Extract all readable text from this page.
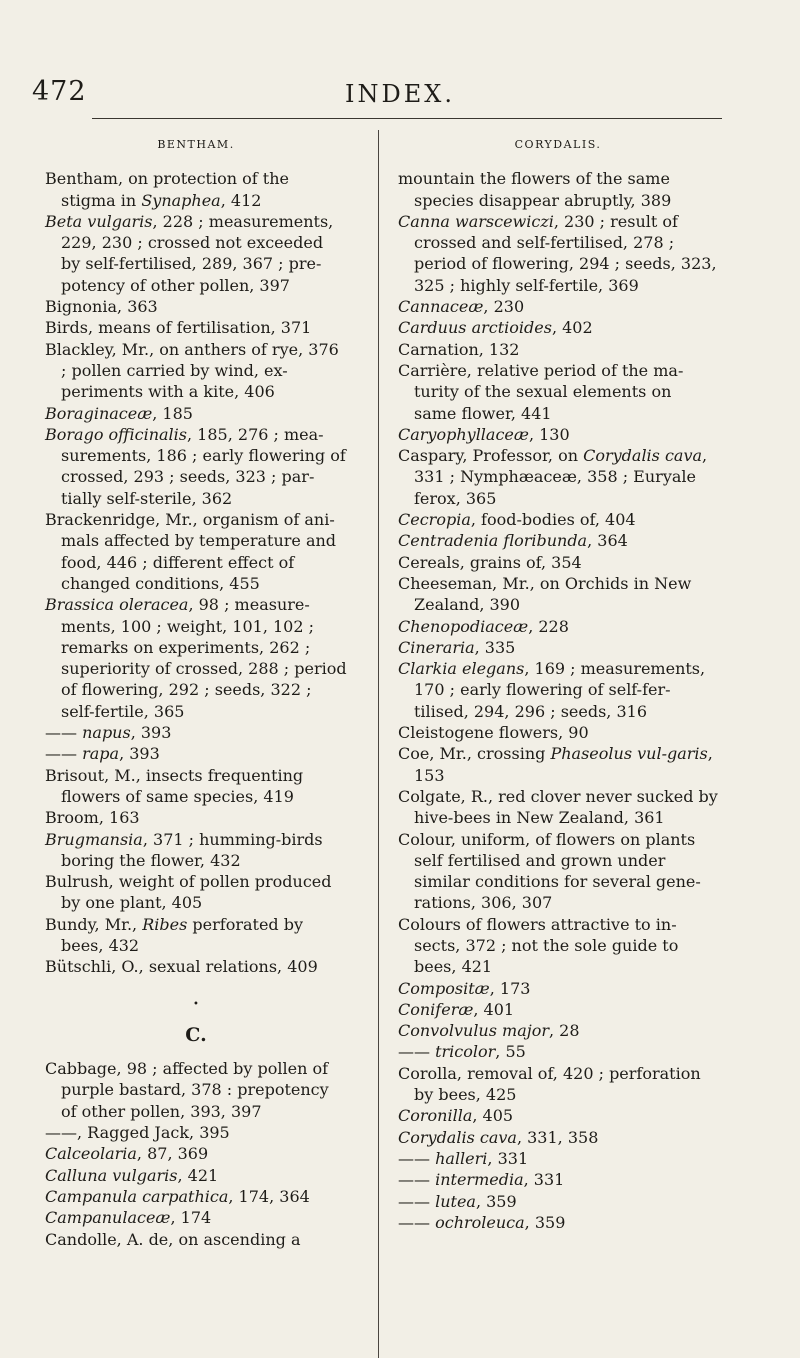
472	INDEX.
BENTHAM.

Bentham, on protection of the stigma in Synaphea, 412

Beta vulgaris, 228 ; measurements, 229, 230 ; crossed not exceeded by self-fertilised, 289, 367 ; pre-potency of other pollen, 397

Bignonia, 363

Birds, means of fertilisation, 371

Blackley, Mr., on anthers of rye, 376 ; pollen carried by wind, ex-periments with a kite, 406

Boraginaceæ, 185

Borago officinalis, 185, 276 ; mea-surements, 186 ; early flowering of crossed, 293 ; seeds, 323 ; par-tially self-sterile, 362

Brackenridge, Mr., organism of ani-mals affected by temperature and food, 446 ; different effect of changed conditions, 455

Brassica oleracea, 98 ; measure-ments, 100 ; weight, 101, 102 ; remarks on experiments, 262 ; superiority of crossed, 288 ; period of flowering, 292 ; seeds, 322 ; self-fertile, 365

—— napus, 393

—— rapa, 393

Brisout, M., insects frequenting flowers of same species, 419

Broom, 163

Brugmansia, 371 ; humming-birds boring the flower, 432

Bulrush, weight of pollen produced by one plant, 405

Bundy, Mr., Ribes perforated by bees, 432

Bütschli, O., sexual relations, 409

•
C.

Cabbage, 98 ; affected by pollen of purple bastard, 378 : prepotency of other pollen, 393, 397

——, Ragged Jack, 395

Calceolaria, 87, 369

Calluna vulgaris, 421

Campanula carpathica, 174, 364

Campanulaceæ, 174

Candolle, A. de, on ascending a

CORYDALIS.

mountain the flowers of the same species disappear abruptly, 389

Canna warscewiczi, 230 ; result of crossed and self-fertilised, 278 ; period of flowering, 294 ; seeds, 323, 325 ; highly self-fertile, 369

Cannaceæ, 230

Carduus arctioides, 402

Carnation, 132

Carrière, relative period of the ma-turity of the sexual elements on same flower, 441

Caryophyllaceæ, 130

Caspary, Professor, on Corydalis cava, 331 ; Nymphæaceæ, 358 ; Euryale ferox, 365

Cecropia, food-bodies of, 404

Centradenia floribunda, 364

Cereals, grains of, 354

Cheeseman, Mr., on Orchids in New Zealand, 390

Chenopodiaceæ, 228

Cineraria, 335

Clarkia elegans, 169 ; measurements, 170 ; early flowering of self-fer-tilised, 294, 296 ; seeds, 316

Cleistogene flowers, 90

Coe, Mr., crossing Phaseolus vul-garis, 153

Colgate, R., red clover never sucked by hive-bees in New Zealand, 361

Colour, uniform, of flowers on plants self fertilised and grown under similar conditions for several gene-rations, 306, 307

Colours of flowers attractive to in-sects, 372 ; not the sole guide to bees, 421

Compositæ, 173

Coniferæ, 401

Convolvulus major, 28

—— tricolor, 55

Corolla, removal of, 420 ; perforation by bees, 425

Coronilla, 405

Corydalis cava, 331, 358

—— halleri, 331

—— intermedia, 331

—— lutea, 359

—— ochroleuca, 359
